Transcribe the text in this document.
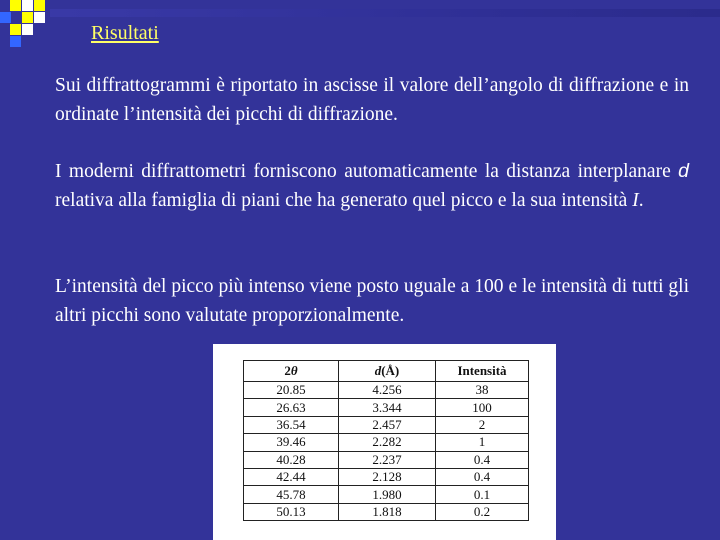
Risultati

Sui diffrattogrammi è riportato in ascisse il valore dell’angolo di diffrazione e in ordinate l’intensità dei picchi di diffrazione.

I moderni diffrattometri forniscono automaticamente la distanza interplanare d relativa alla famiglia di piani che ha generato quel picco e la sua intensità I.

L’intensità del picco più intenso viene posto uguale a 100 e le intensità di tutti gli altri picchi sono valutate proporzionalmente.

2θ	d(Å)	Intensità
20.85	4.256	38
26.63	3.344	100
36.54	2.457	2
39.46	2.282	1
40.28	2.237	0.4
42.44	2.128	0.4
45.78	1.980	0.1
50.13	1.818	0.2
